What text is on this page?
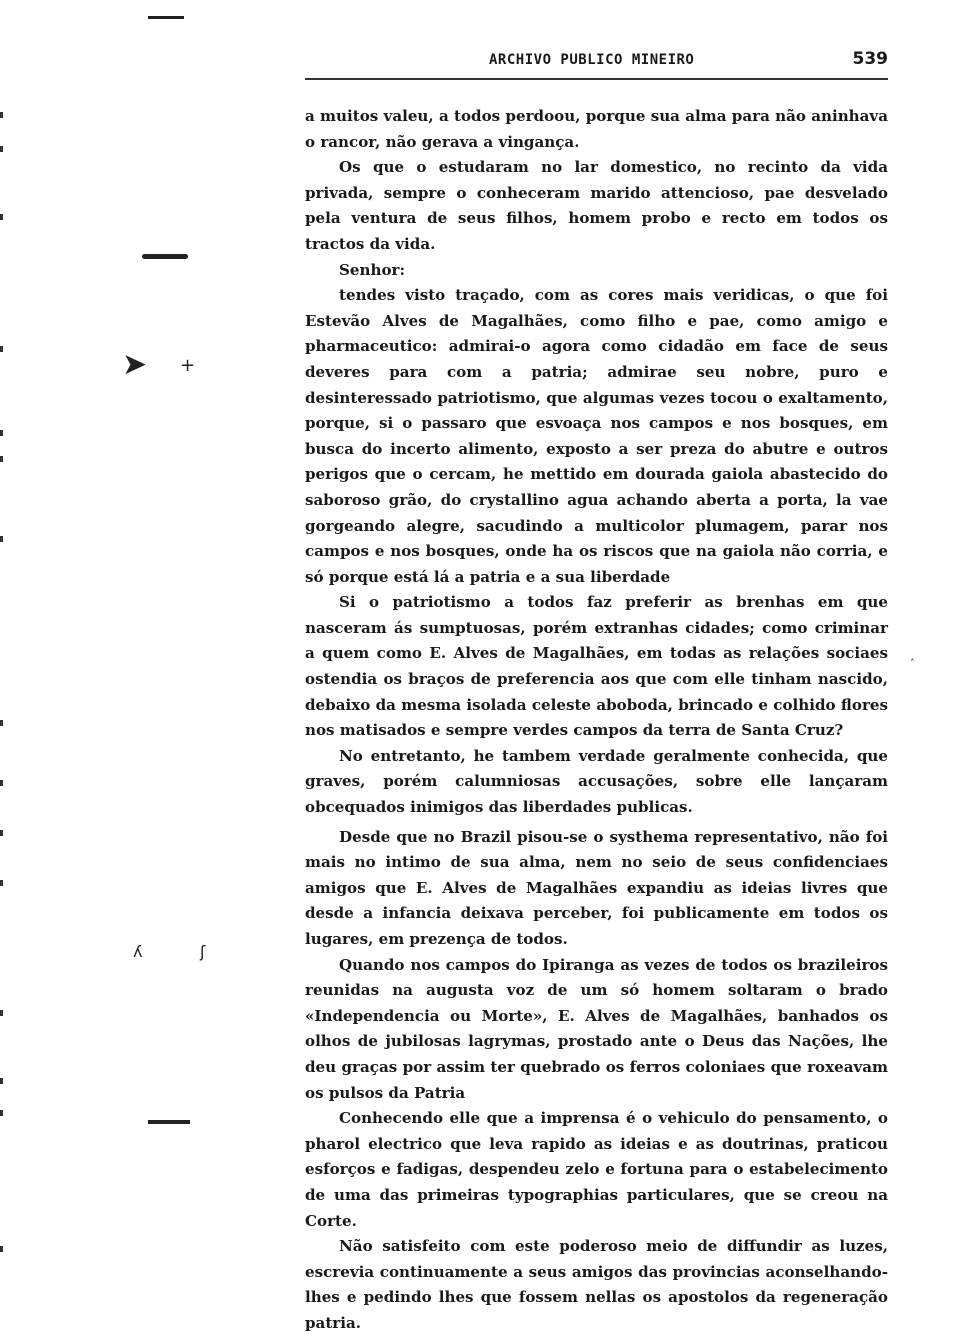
➤ +
ʎ	ʃ
˰
ARCHIVO PUBLICO MINEIRO	539

a muitos valeu, a todos perdoou, porque sua alma para não aninhava o rancor, não gerava a vingança.

Os que o estudaram no lar domestico, no recinto da vida privada, sempre o conheceram marido attencioso, pae desvelado pela ventura de seus filhos, homem probo e recto em todos os tractos da vida.

Senhor:

tendes visto traçado, com as cores mais veridicas, o que foi Estevão Alves de Magalhães, como filho e pae, como amigo e pharmaceutico: admirai-o agora como cidadão em face de seus deveres para com a patria; admirae seu nobre, puro e desinteressado patriotismo, que algumas vezes tocou o exaltamento, porque, si o passaro que esvoaça nos campos e nos bosques, em busca do incerto alimento, exposto a ser preza do abutre e outros perigos que o cercam, he mettido em dourada gaiola abastecido do saboroso grão, do crystallino agua achando aberta a porta, la vae gorgeando alegre, sacudindo a multicolor plumagem, parar nos campos e nos bosques, onde ha os riscos que na gaiola não corria, e só porque está lá a patria e a sua liberdade

Si o patriotismo a todos faz preferir as brenhas em que nasceram ás sumptuosas, porém extranhas cidades; como criminar a quem como E. Alves de Magalhães, em todas as relações sociaes ostendia os braços de preferencia aos que com elle tinham nascido, debaixo da mesma isolada celeste aboboda, brincado e colhido flores nos matisados e sempre verdes campos da terra de Santa Cruz?

No entretanto, he tambem verdade geralmente conhecida, que graves, porém calumniosas accusações, sobre elle lançaram obcequados inimigos das liberdades publicas.

Desde que no Brazil pisou-se o systhema representativo, não foi mais no intimo de sua alma, nem no seio de seus confidenciaes amigos que E. Alves de Magalhães expandiu as ideias livres que desde a infancia deixava perceber, foi publicamente em todos os lugares, em prezença de todos.

Quando nos campos do Ipiranga as vezes de todos os brazileiros reunidas na augusta voz de um só homem soltaram o brado «Independencia ou Morte», E. Alves de Magalhães, banhados os olhos de jubilosas lagrymas, prostado ante o Deus das Nações, lhe deu graças por assim ter quebrado os ferros coloniaes que roxeavam os pulsos da Patria

Conhecendo elle que a imprensa é o vehiculo do pensamento, o pharol electrico que leva rapido as ideias e as doutrinas, praticou esforços e fadigas, despendeu zelo e fortuna para o estabelecimento de uma das primeiras typographias particulares, que se creou na Corte.

Não satisfeito com este poderoso meio de diffundir as luzes, escrevia continuamente a seus amigos das provincias aconselhando-lhes e pedindo lhes que fossem nellas os apostolos da regeneração patria.
